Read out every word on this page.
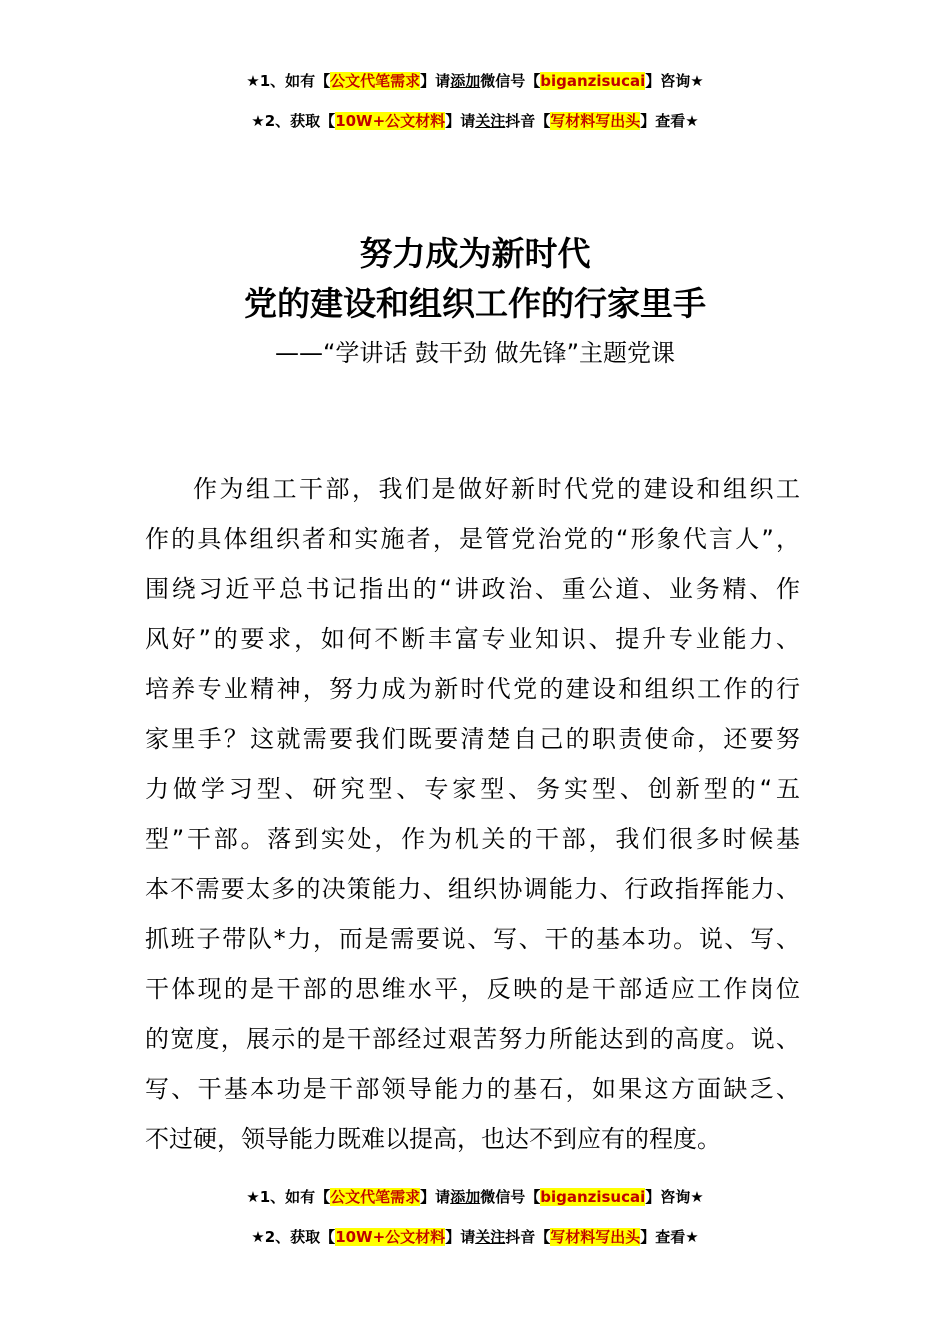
★1、如有【公文代笔需求】请添加微信号【biganzisucai】咨询★
★2、获取【10W+公文材料】请关注抖音【写材料写出头】查看★
努力成为新时代
党的建设和组织工作的行家里手
——“学讲话 鼓干劲 做先锋”主题党课
作为组工干部，我们是做好新时代党的建设和组织工
作的具体组织者和实施者，是管党治党的“形象代言人”，
围绕习近平总书记指出的“讲政治、重公道、业务精、作
风好”的要求，如何不断丰富专业知识、提升专业能力、
培养专业精神，努力成为新时代党的建设和组织工作的行
家里手？这就需要我们既要清楚自己的职责使命，还要努
力做学习型、研究型、专家型、务实型、创新型的“五
型”干部。落到实处，作为机关的干部，我们很多时候基
本不需要太多的决策能力、组织协调能力、行政指挥能力、
抓班子带队*力，而是需要说、写、干的基本功。说、写、
干体现的是干部的思维水平，反映的是干部适应工作岗位
的宽度，展示的是干部经过艰苦努力所能达到的高度。说、
写、干基本功是干部领导能力的基石，如果这方面缺乏、
不过硬，领导能力既难以提高，也达不到应有的程度。
★1、如有【公文代笔需求】请添加微信号【biganzisucai】咨询★
★2、获取【10W+公文材料】请关注抖音【写材料写出头】查看★
